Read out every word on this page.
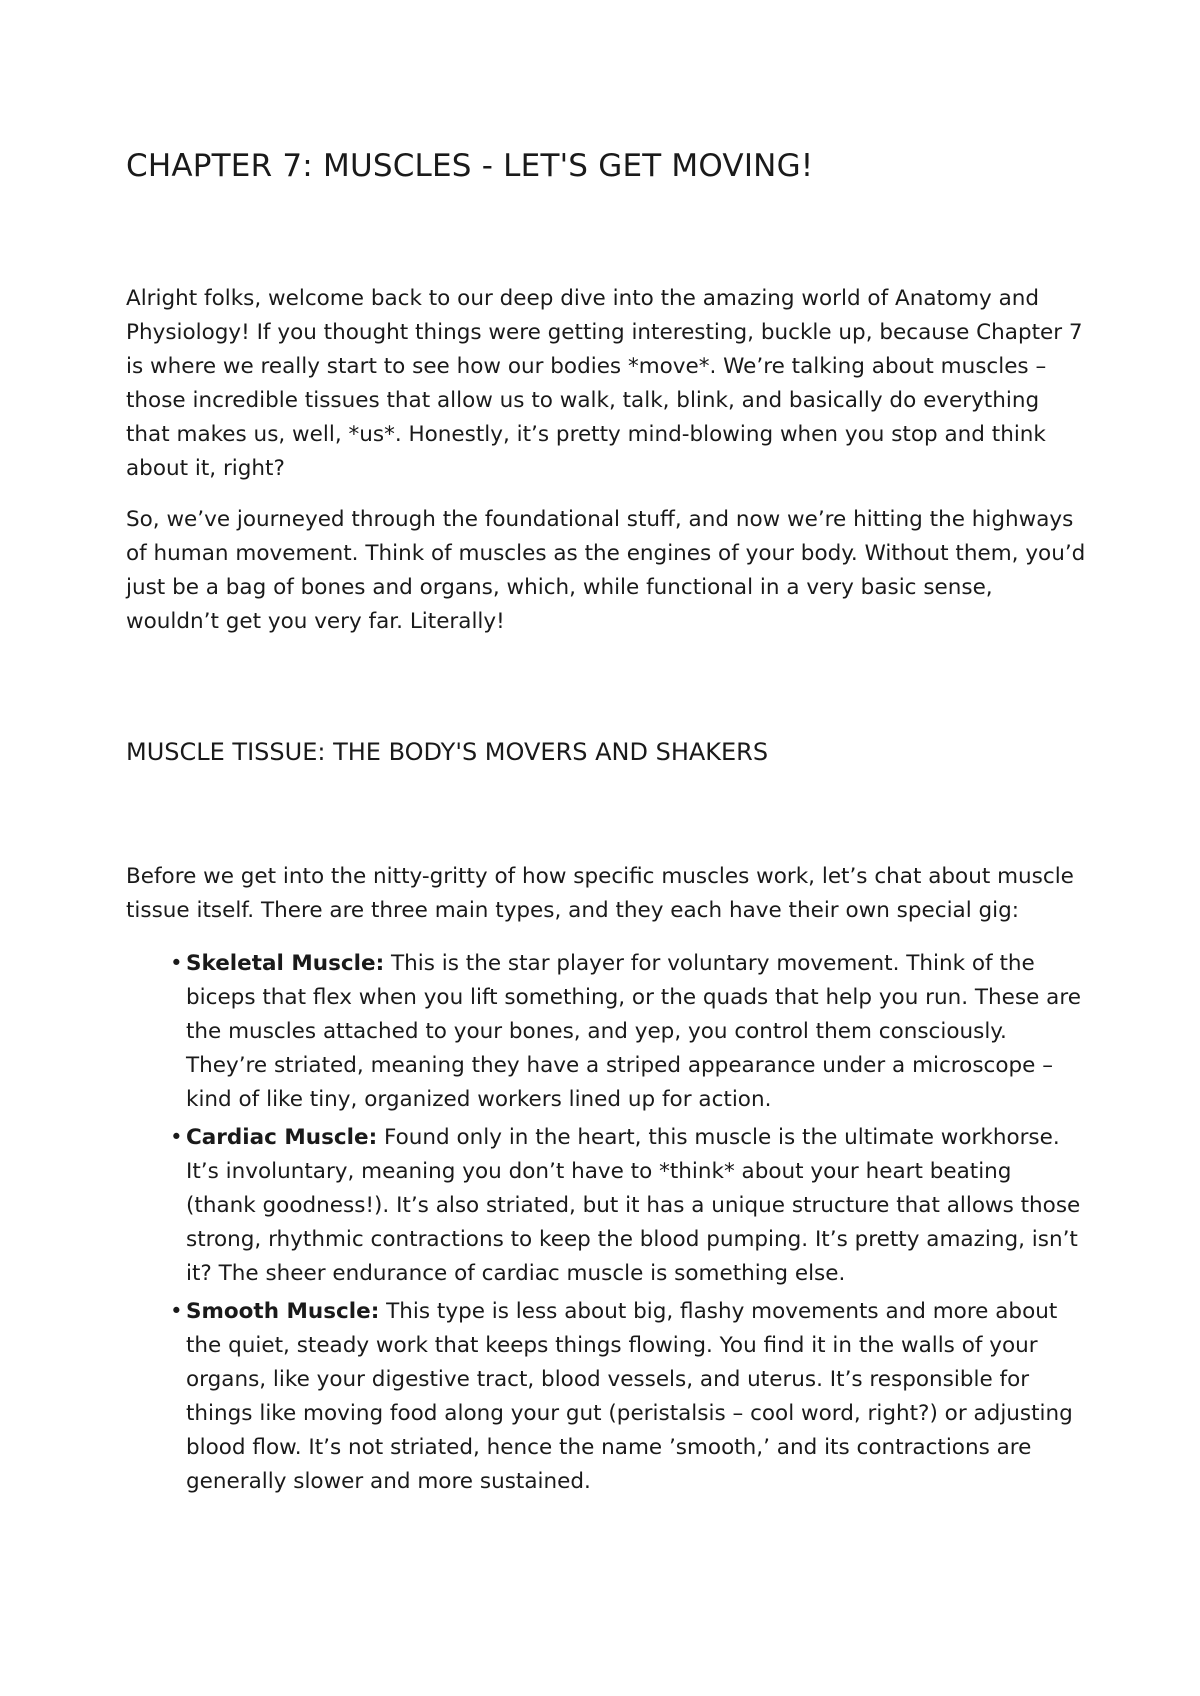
CHAPTER 7: MUSCLES - LET'S GET MOVING!

Alright folks, welcome back to our deep dive into the amazing world of Anatomy and Physiology! If you thought things were getting interesting, buckle up, because Chapter 7 is where we really start to see how our bodies *move*. We’re talking about muscles – those incredible tissues that allow us to walk, talk, blink, and basically do everything that makes us, well, *us*. Honestly, it’s pretty mind-blowing when you stop and think about it, right?

So, we’ve journeyed through the foundational stuff, and now we’re hitting the highways of human movement. Think of muscles as the engines of your body. Without them, you’d just be a bag of bones and organs, which, while functional in a very basic sense, wouldn’t get you very far. Literally!

MUSCLE TISSUE: THE BODY'S MOVERS AND SHAKERS

Before we get into the nitty-gritty of how specific muscles work, let’s chat about muscle tissue itself. There are three main types, and they each have their own special gig:

• Skeletal Muscle: This is the star player for voluntary movement. Think of the biceps that flex when you lift something, or the quads that help you run. These are the muscles attached to your bones, and yep, you control them consciously. They’re striated, meaning they have a striped appearance under a microscope – kind of like tiny, organized workers lined up for action.
• Cardiac Muscle: Found only in the heart, this muscle is the ultimate workhorse. It’s involuntary, meaning you don’t have to *think* about your heart beating (thank goodness!). It’s also striated, but it has a unique structure that allows those strong, rhythmic contractions to keep the blood pumping. It’s pretty amazing, isn’t it? The sheer endurance of cardiac muscle is something else.
• Smooth Muscle: This type is less about big, flashy movements and more about the quiet, steady work that keeps things flowing. You find it in the walls of your organs, like your digestive tract, blood vessels, and uterus. It’s responsible for things like moving food along your gut (peristalsis – cool word, right?) or adjusting blood flow. It’s not striated, hence the name ’smooth,’ and its contractions are generally slower and more sustained.
